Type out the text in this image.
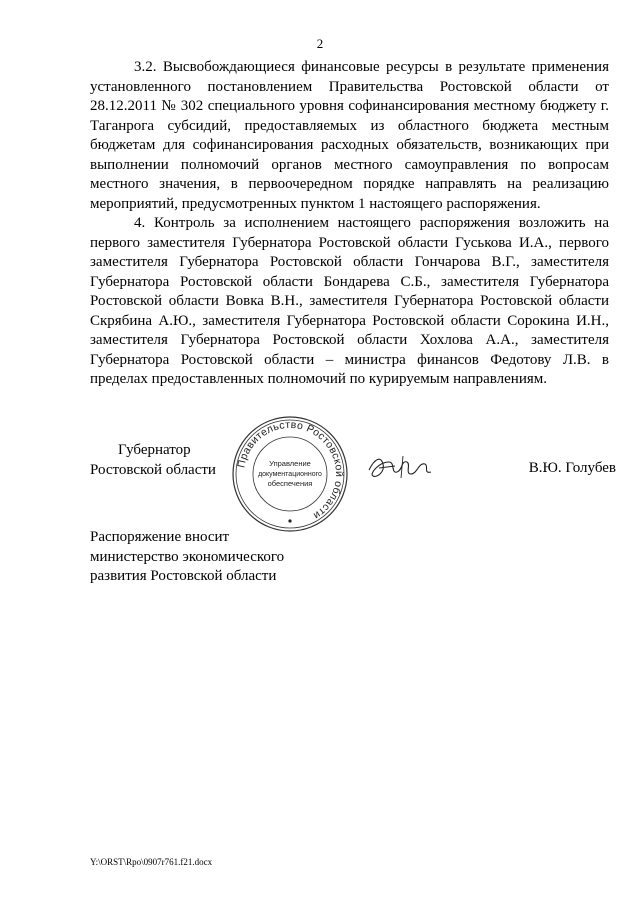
2

3.2. Высвобождающиеся финансовые ресурсы в результате применения установленного постановлением Правительства Ростовской области от 28.12.2011 № 302 специального уровня софинансирования местному бюджету г. Таганрога субсидий, предоставляемых из областного бюджета местным бюджетам для софинансирования расходных обязательств, возникающих при выполнении полномочий органов местного самоуправления по вопросам местного значения, в первоочередном порядке направлять на реализацию мероприятий, предусмотренных пунктом 1 настоящего распоряжения.

4. Контроль за исполнением настоящего распоряжения возложить на первого заместителя Губернатора Ростовской области Гуськова И.А., первого заместителя Губернатора Ростовской области Гончарова В.Г., заместителя Губернатора Ростовской области Бондарева С.Б., заместителя Губернатора Ростовской области Вовка В.Н., заместителя Губернатора Ростовской области Скрябина А.Ю., заместителя Губернатора Ростовской области Сорокина И.Н., заместителя Губернатора Ростовской области Хохлова А.А., заместителя Губернатора Ростовской области – министра финансов Федотову Л.В. в пределах предоставленных полномочий по курируемым направлениям.

Губернатор
Ростовской области Правительство Ростовской области
Управление
документационного
обеспечения
В.Ю. Голубев
Распоряжение вносит
министерство экономического
развития Ростовской области
Y:\ORST\Rpo\0907r761.f21.docx
